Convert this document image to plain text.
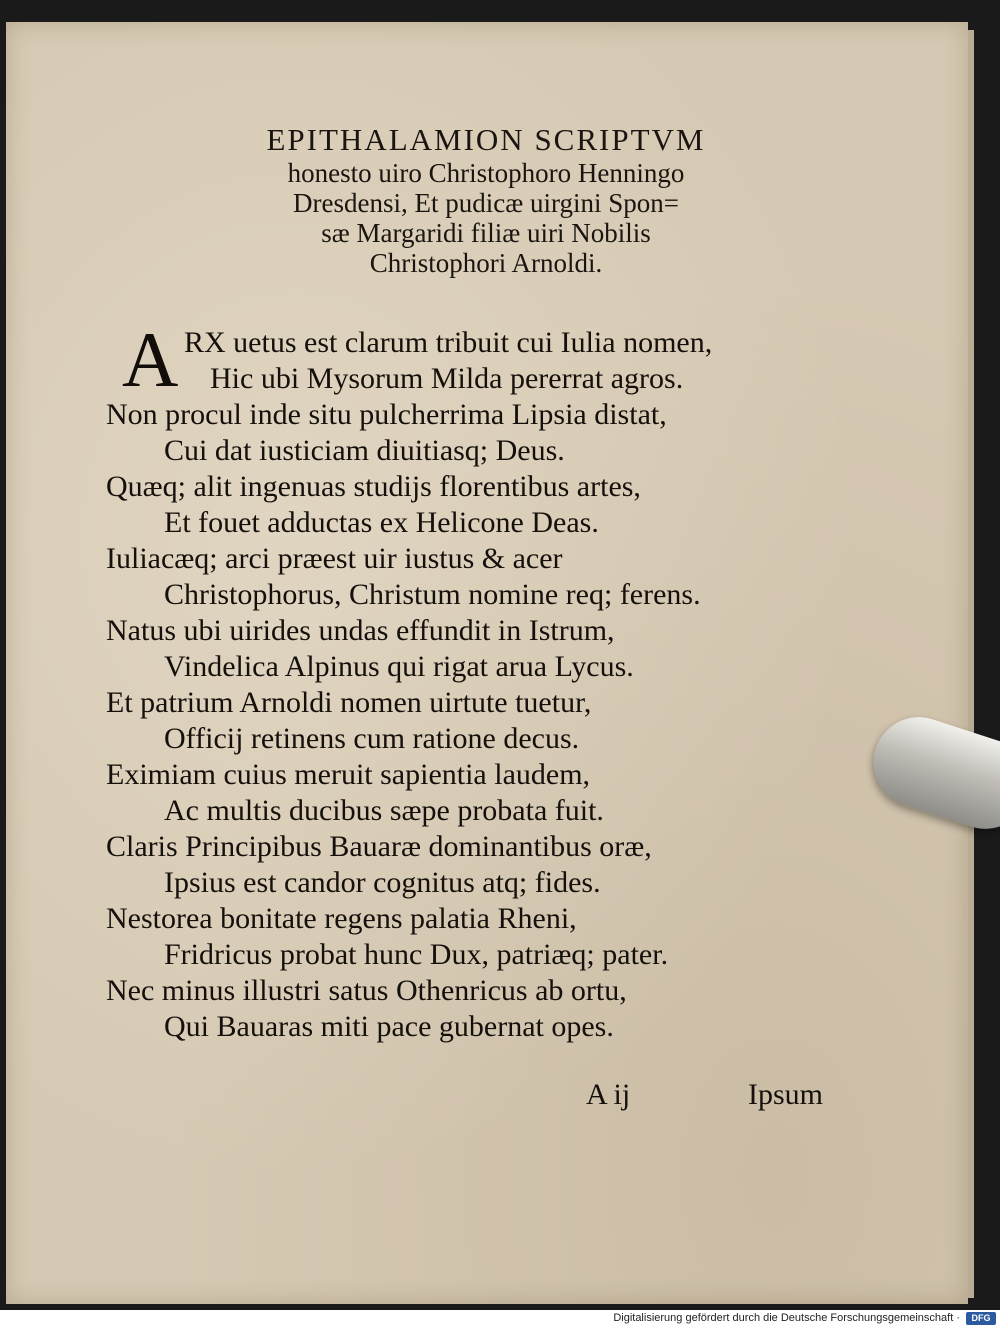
EPITHALAMION SCRIPTVM
honesto uiro Christophoro Henningo
Dresdensi, Et pudicæ uirgini Spon=
sæ Margaridi filiæ uiri Nobilis
Christophori Arnoldi.
A RX uetus est clarum tribuit cui Iulia nomen,
Hic ubi Mysorum Milda pererrat agros.
Non procul inde situ pulcherrima Lipsia distat,
Cui dat iusticiam diuitiasq; Deus.
Quæq; alit ingenuas studijs florentibus artes,
Et fouet adductas ex Helicone Deas.
Iuliacæq; arci præest uir iustus & acer
Christophorus, Christum nomine req; ferens.
Natus ubi uirides undas effundit in Istrum,
Vindelica Alpinus qui rigat arua Lycus.
Et patrium Arnoldi nomen uirtute tuetur,
Officij retinens cum ratione decus.
Eximiam cuius meruit sapientia laudem,
Ac multis ducibus sæpe probata fuit.
Claris Principibus Bauaræ dominantibus oræ,
Ipsius est candor cognitus atq; fides.
Nestorea bonitate regens palatia Rheni,
Fridricus probat hunc Dux, patriæq; pater.
Nec minus illustri satus Othenricus ab ortu,
Qui Bauaras miti pace gubernat opes.
A ij	Ipsum
Digitalisierung gefördert durch die Deutsche Forschungsgemeinschaft ·	DFG
